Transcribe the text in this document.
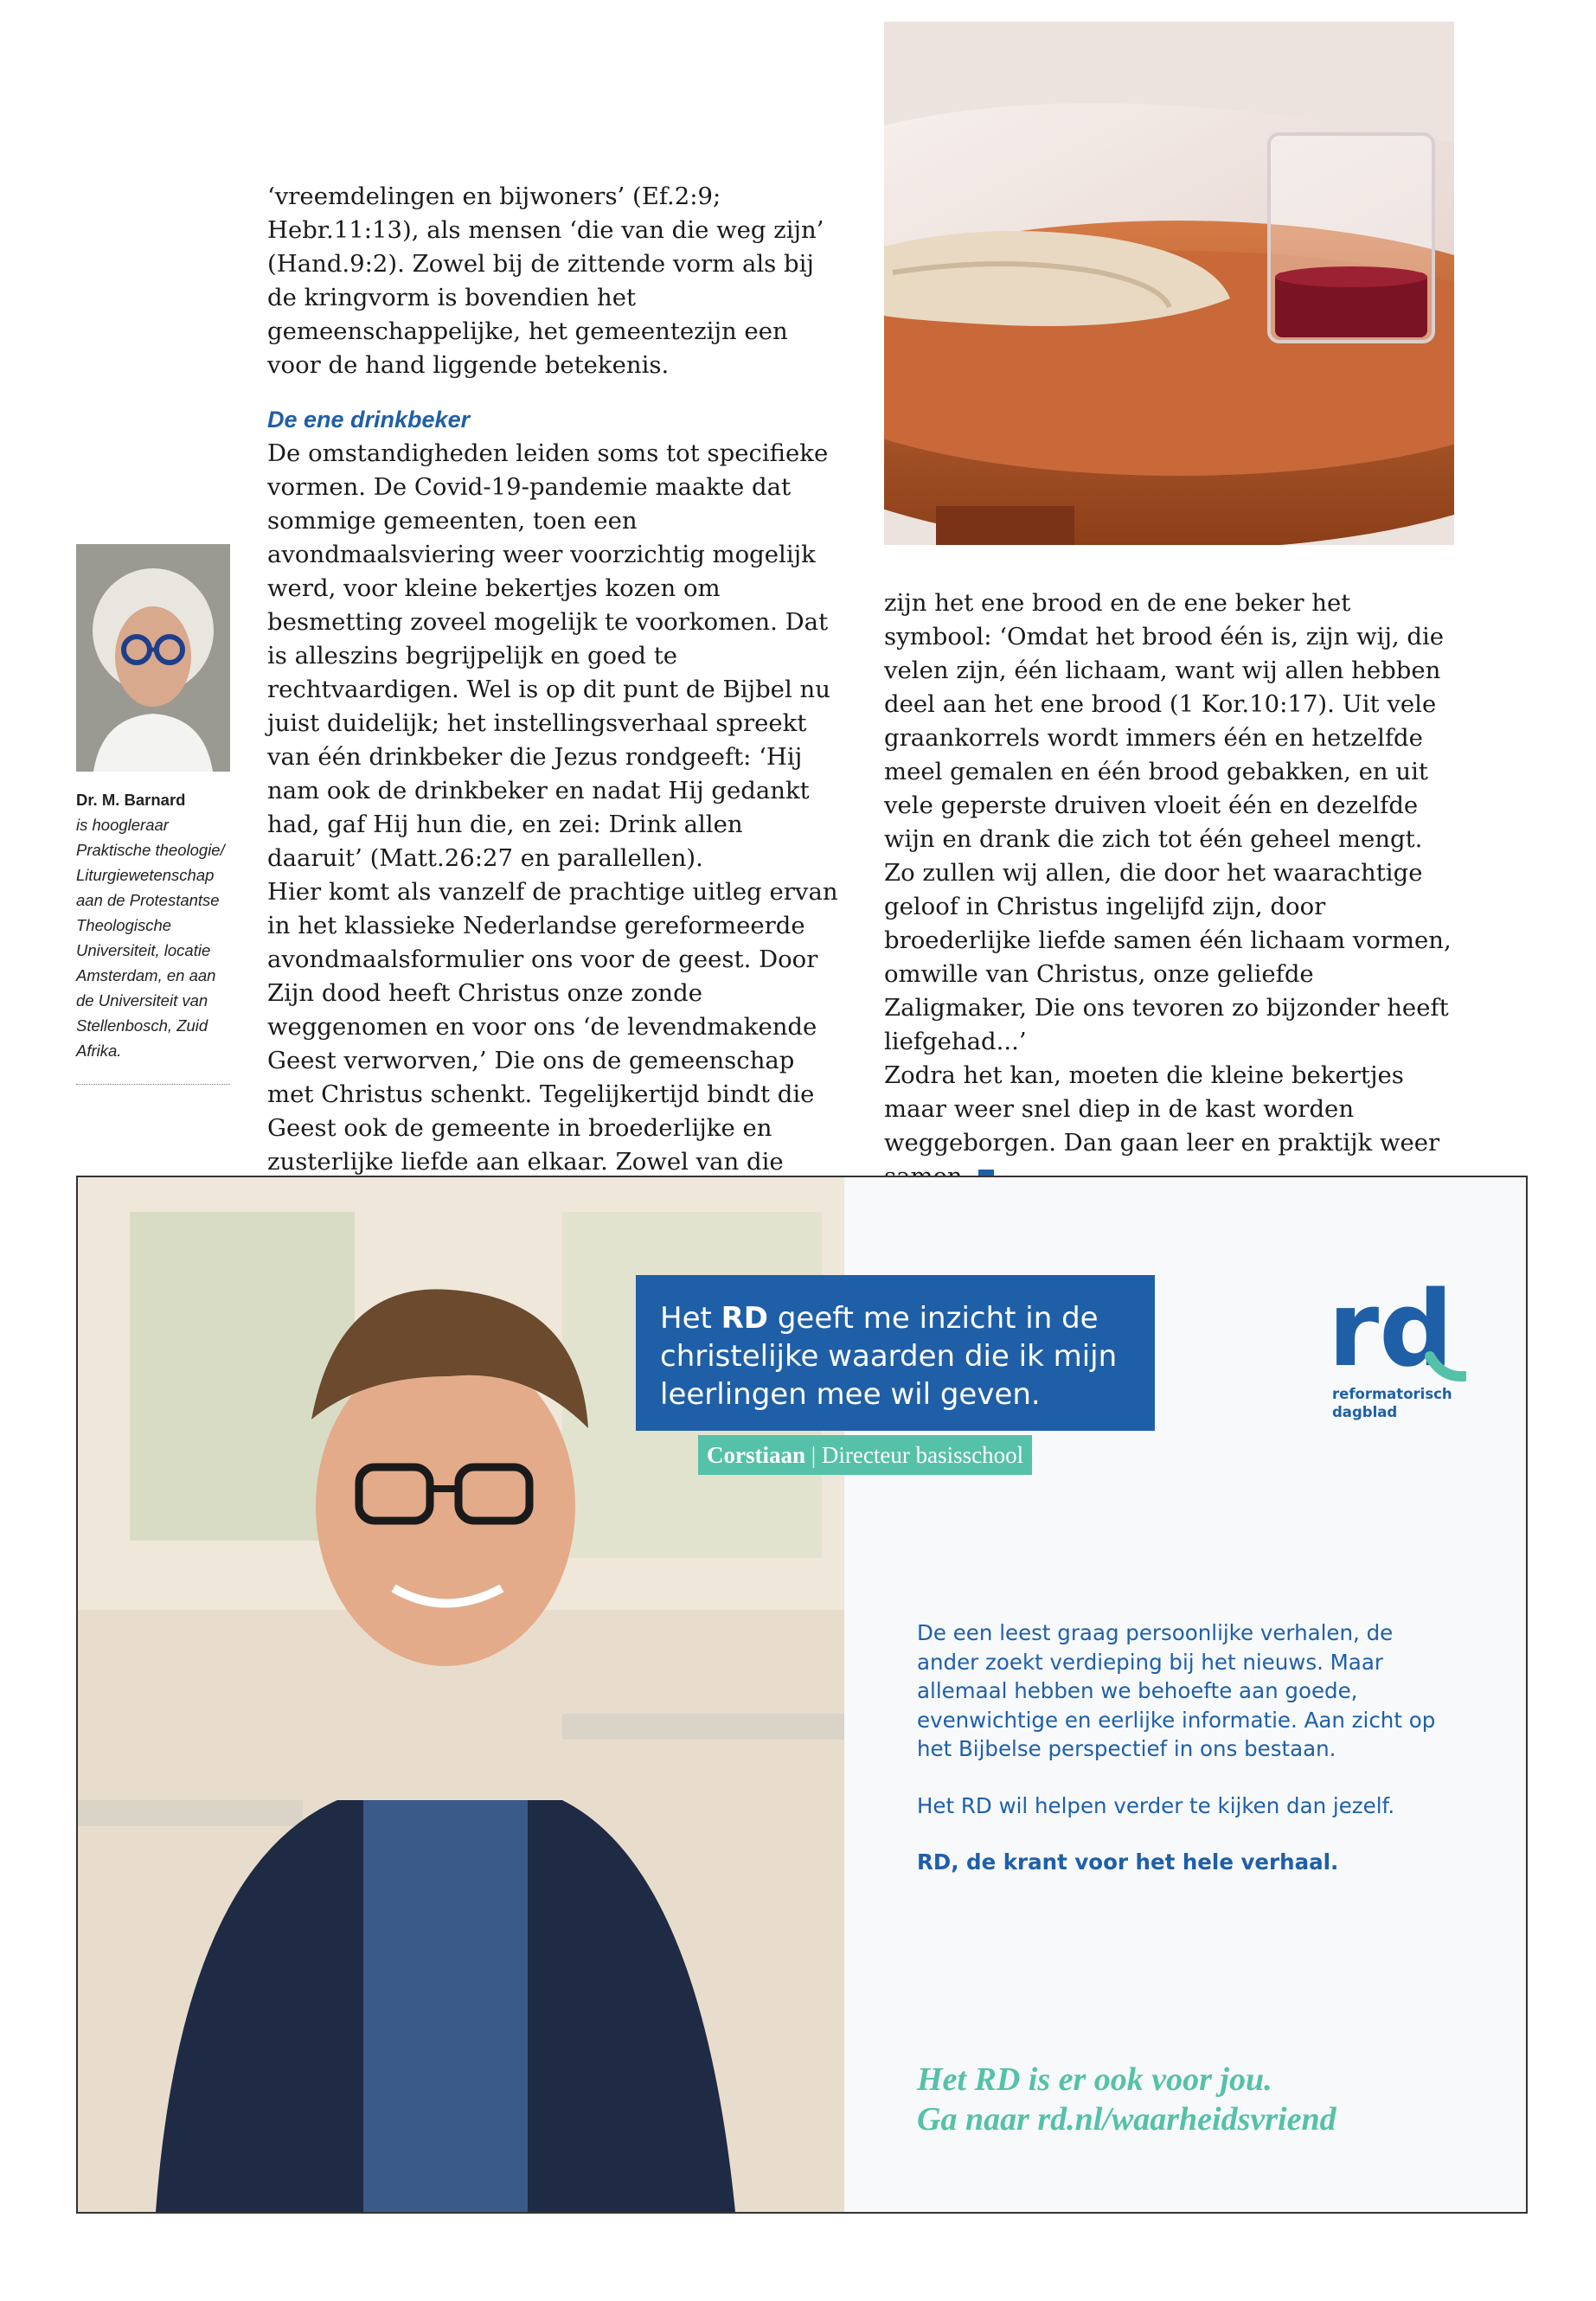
‘vreemdelingen en bijwoners’ (Ef.2:9; Hebr.11:13), als mensen ‘die van die weg zijn’ (Hand.9:2). Zowel bij de zittende vorm als bij de kringvorm is bovendien het gemeenschappelijke, het gemeentezijn een voor de hand liggende betekenis.

De ene drinkbeker

De omstandigheden leiden soms tot specifieke vormen. De Covid-19-pandemie maakte dat sommige gemeenten, toen een avondmaalsviering weer voorzichtig mogelijk werd, voor kleine bekertjes kozen om besmetting zoveel mogelijk te voorkomen. Dat is alleszins begrijpelijk en goed te rechtvaardigen. Wel is op dit punt de Bijbel nu juist duidelijk; het instellingsverhaal spreekt van één drinkbeker die Jezus rondgeeft: ‘Hij nam ook de drinkbeker en nadat Hij gedankt had, gaf Hij hun die, en zei: Drink allen daaruit’ (Matt.26:27 en parallellen).

Hier komt als vanzelf de prachtige uitleg ervan in het klassieke Nederlandse gereformeerde avondmaalsformulier ons voor de geest. Door Zijn dood heeft Christus onze zonde weggenomen en voor ons ‘de levendmakende Geest verworven,’ Die ons de gemeenschap met Christus schenkt. Tegelijkertijd bindt die Geest ook de gemeente in broederlijke en zusterlijke liefde aan elkaar. Zowel van die

zijn het ene brood en de ene beker het symbool: ‘Omdat het brood één is, zijn wij, die velen zijn, één lichaam, want wij allen hebben deel aan het ene brood (1 Kor.10:17). Uit vele graankorrels wordt immers één en hetzelfde meel gemalen en één brood gebakken, en uit vele geperste druiven vloeit één en dezelfde wijn en drank die zich tot één geheel mengt. Zo zullen wij allen, die door het waarachtige geloof in Christus ingelijfd zijn, door broederlijke liefde samen één lichaam vormen, omwille van Christus, onze geliefde Zaligmaker, Die ons tevoren zo bijzonder heeft liefgehad...’

Zodra het kan, moeten die kleine bekertjes maar weer snel diep in de kast worden weggeborgen. Dan gaan leer en praktijk weer

Dr. M. Barnard
is hoogleraar Praktische theologie/ Liturgiewetenschap aan de Protestantse Theologische Universiteit, locatie Amsterdam, en aan de Universiteit van Stellenbosch, Zuid Afrika.
Het RD geeft me inzicht in de christelijke waarden die ik mijn leerlingen mee wil geven.
Corstiaan | Directeur basisschool
rd
reformatorisch
dagblad

De een leest graag persoonlijke verhalen, de ander zoekt verdieping bij het nieuws. Maar allemaal hebben we behoefte aan goede, evenwichtige en eerlijke informatie. Aan zicht op het Bijbelse perspectief in ons bestaan.

Het RD wil helpen verder te kijken dan jezelf.

RD, de krant voor het hele verhaal.

Het RD is er ook voor jou.
Ga naar rd.nl/waarheidsvriend
